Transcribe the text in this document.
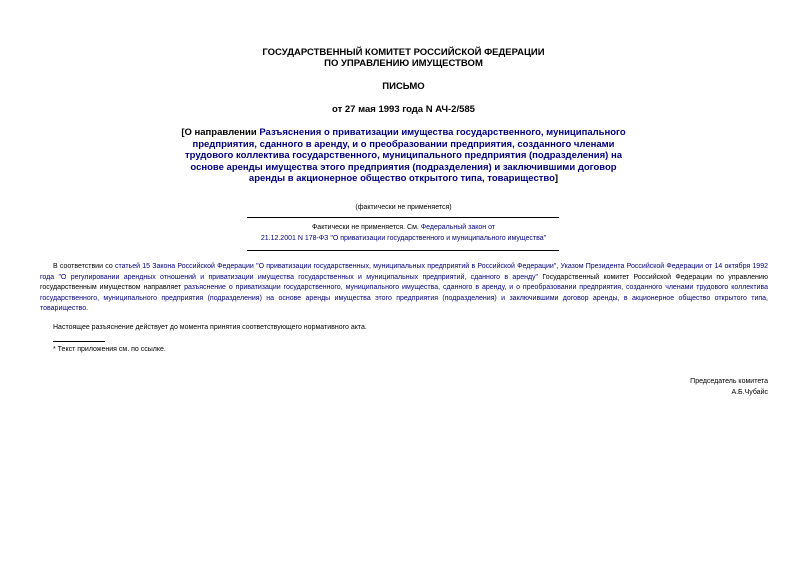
ГОСУДАРСТВЕННЫЙ КОМИТЕТ РОССИЙСКОЙ ФЕДЕРАЦИИ
ПО УПРАВЛЕНИЮ ИМУЩЕСТВОМ
ПИСЬМО
от 27 мая 1993 года N АЧ-2/585
[О направлении Разъяснения о приватизации имущества государственного, муниципального предприятия, сданного в аренду, и о преобразовании предприятия, созданного членами трудового коллектива государственного, муниципального предприятия (подразделения) на основе аренды имущества этого предприятия (подразделения) и заключившими договор аренды в акционерное общество открытого типа, товарищество]
(фактически не применяется)
Фактически не применяется. См. Федеральный закон от
21.12.2001 N 178-ФЗ "О приватизации государственного и муниципального имущества"
В соответствии со статьей 15 Закона Российской Федерации "О приватизации государственных, муниципальных предприятий в Российской Федерации", Указом Президента Российской Федерации от 14 октября 1992 года "О регулировании арендных отношений и приватизации имущества государственных и муниципальных предприятий, сданного в аренду" Государственный комитет Российской Федерации по управлению государственным имуществом направляет разъяснение о приватизации государственного, муниципального имущества, сданного в аренду, и о преобразовании предприятия, созданного членами трудового коллектива государственного, муниципального предприятия (подразделения) на основе аренды имущества этого предприятия (подразделения) и заключившими договор аренды, в акционерное общество открытого типа, товарищество.
Настоящее разъяснение действует до момента принятия соответствующего нормативного акта.
* Текст приложения см. по ссылке.
Председатель комитета
А.Б.Чубайс
